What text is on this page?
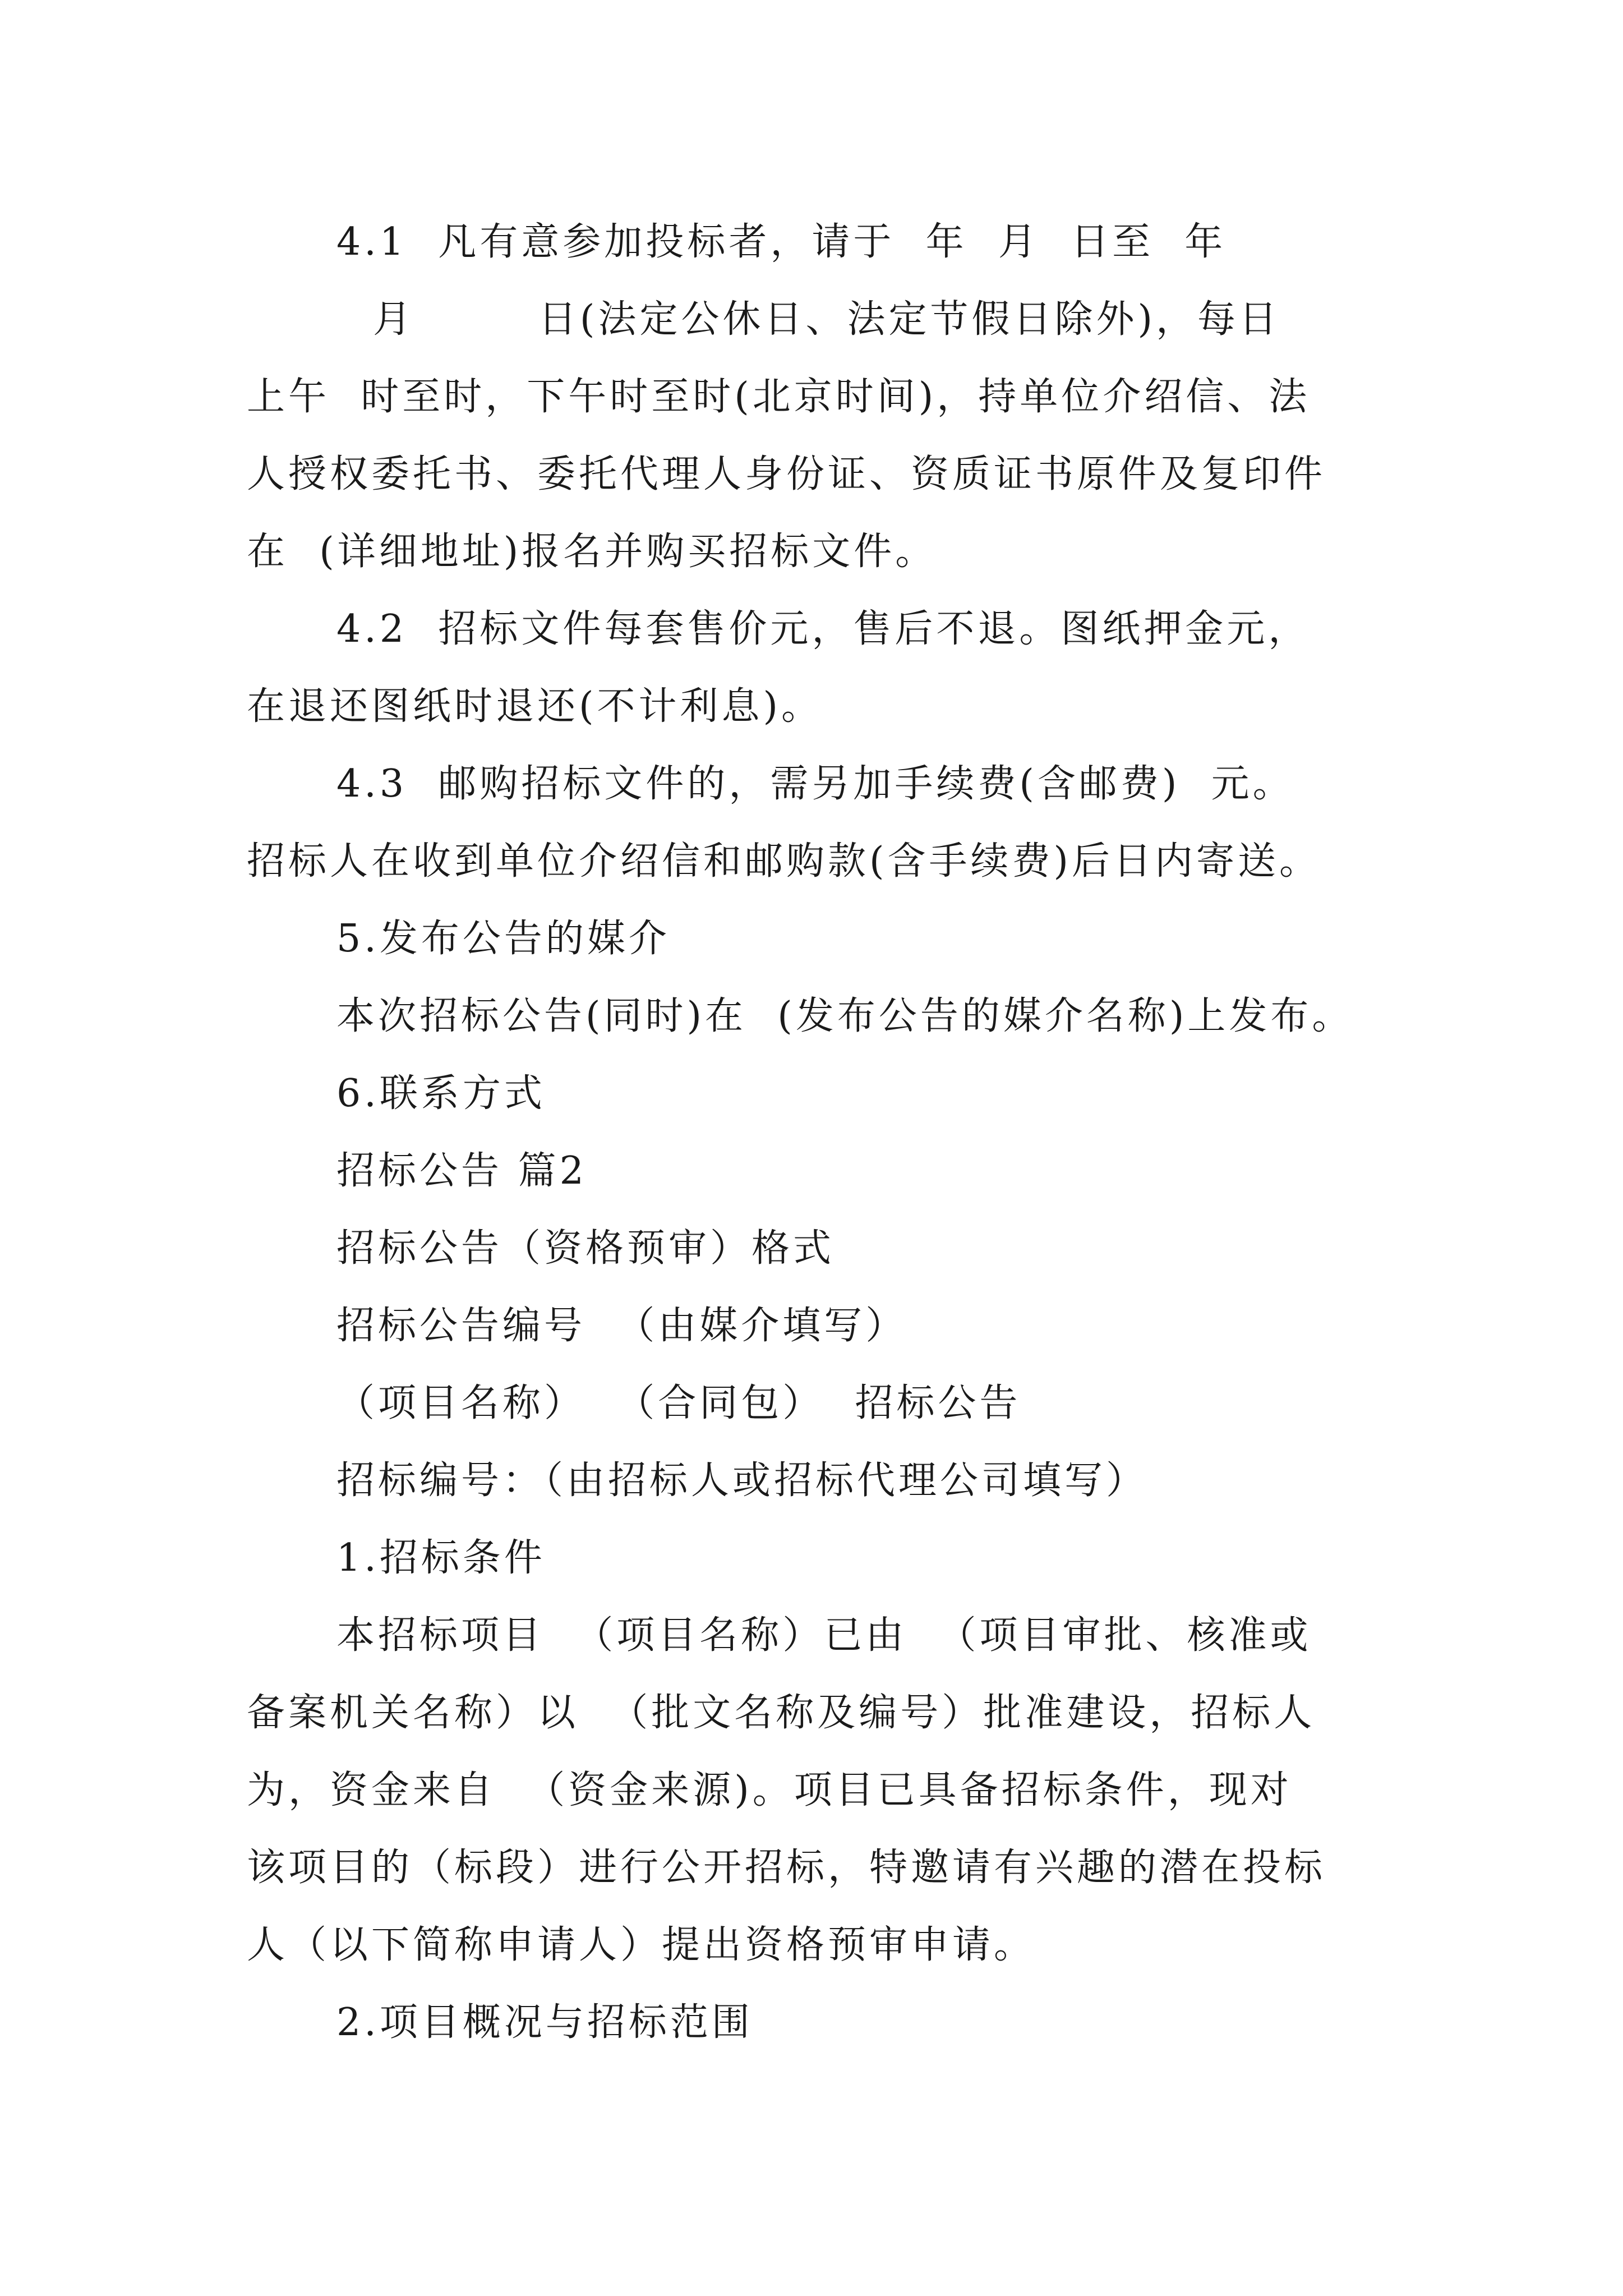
4.1  凡有意参加投标者，请于  年  月  日至  年
月        日(法定公休日、法定节假日除外)，每日
上午  时至时，下午时至时(北京时间)，持单位介绍信、法
人授权委托书、委托代理人身份证、资质证书原件及复印件
在  (详细地址)报名并购买招标文件。
4.2  招标文件每套售价元，售后不退。图纸押金元，
在退还图纸时退还(不计利息)。
4.3  邮购招标文件的，需另加手续费(含邮费)  元。
招标人在收到单位介绍信和邮购款(含手续费)后日内寄送。
5.发布公告的媒介
本次招标公告(同时)在  (发布公告的媒介名称)上发布。
6.联系方式
招标公告 篇2
招标公告（资格预审）格式
招标公告编号  （由媒介填写）
（项目名称）  （合同包）  招标公告
招标编号：（由招标人或招标代理公司填写）
1.招标条件
本招标项目  （项目名称）已由  （项目审批、核准或
备案机关名称）以  （批文名称及编号）批准建设，招标人
为，资金来自  （资金来源)。项目已具备招标条件，现对
该项目的（标段）进行公开招标，特邀请有兴趣的潜在投标
人（以下简称申请人）提出资格预审申请。
2.项目概况与招标范围
